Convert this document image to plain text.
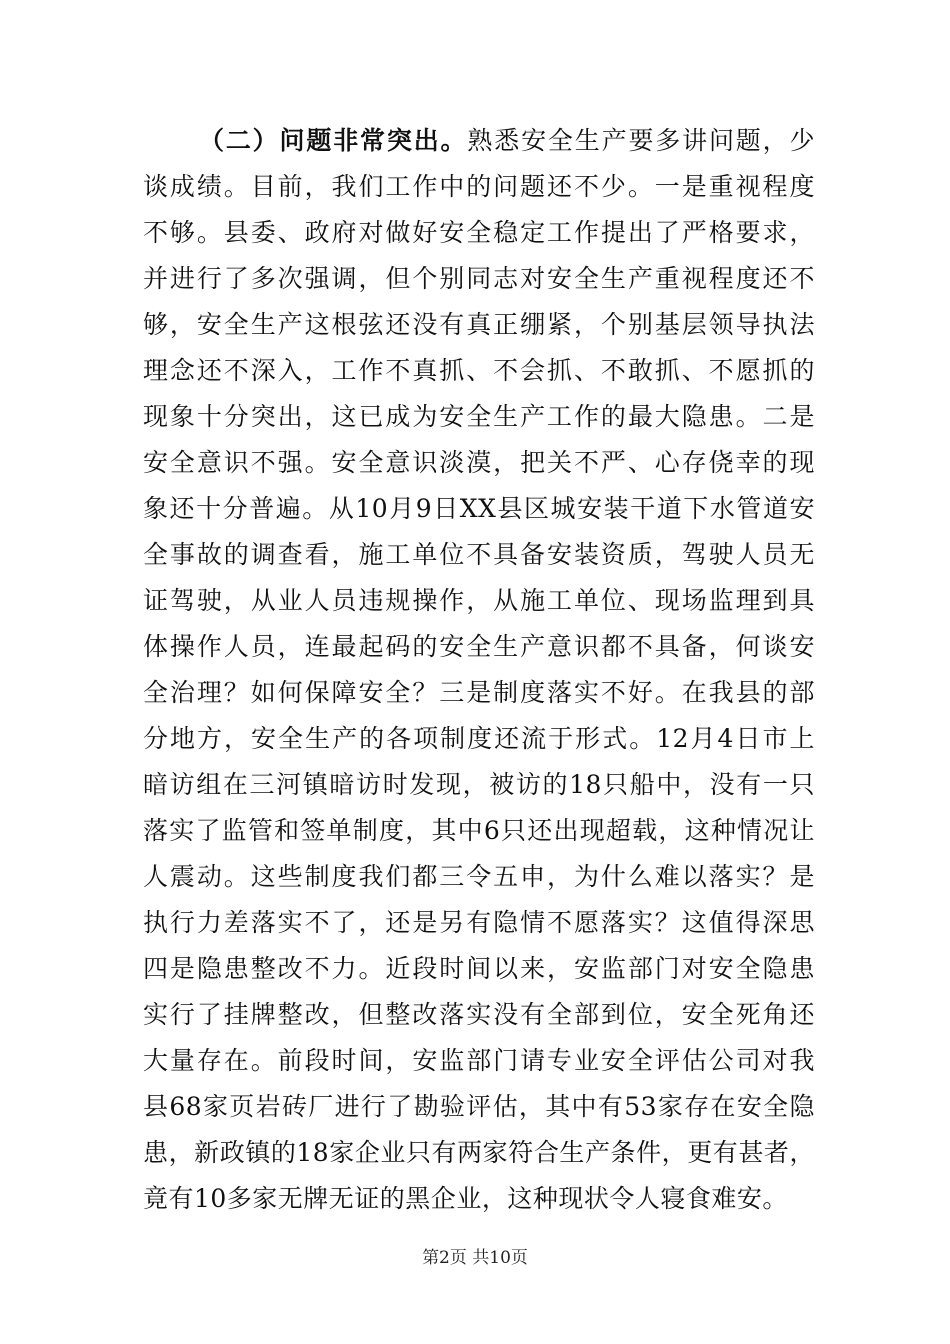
（二）问题非常突出。熟悉安全生产要多讲问题，少
谈成绩。目前，我们工作中的问题还不少。一是重视程度
不够。县委、政府对做好安全稳定工作提出了严格要求，
并进行了多次强调，但个别同志对安全生产重视程度还不
够，安全生产这根弦还没有真正绷紧，个别基层领导执法
理念还不深入，工作不真抓、不会抓、不敢抓、不愿抓的
现象十分突出，这已成为安全生产工作的最大隐患。二是
安全意识不强。安全意识淡漠，把关不严、心存侥幸的现
象还十分普遍。从10月9日XX县区城安装干道下水管道安
全事故的调查看，施工单位不具备安装资质，驾驶人员无
证驾驶，从业人员违规操作，从施工单位、现场监理到具
体操作人员，连最起码的安全生产意识都不具备，何谈安
全治理？如何保障安全？三是制度落实不好。在我县的部
分地方，安全生产的各项制度还流于形式。12月4日市上
暗访组在三河镇暗访时发现，被访的18只船中，没有一只
落实了监管和签单制度，其中6只还出现超载，这种情况让
人震动。这些制度我们都三令五申，为什么难以落实？是
执行力差落实不了，还是另有隐情不愿落实？这值得深思
四是隐患整改不力。近段时间以来，安监部门对安全隐患
实行了挂牌整改，但整改落实没有全部到位，安全死角还
大量存在。前段时间，安监部门请专业安全评估公司对我
县68家页岩砖厂进行了勘验评估，其中有53家存在安全隐
患，新政镇的18家企业只有两家符合生产条件，更有甚者，
竟有10多家无牌无证的黑企业，这种现状令人寝食难安。
第2页 共10页
